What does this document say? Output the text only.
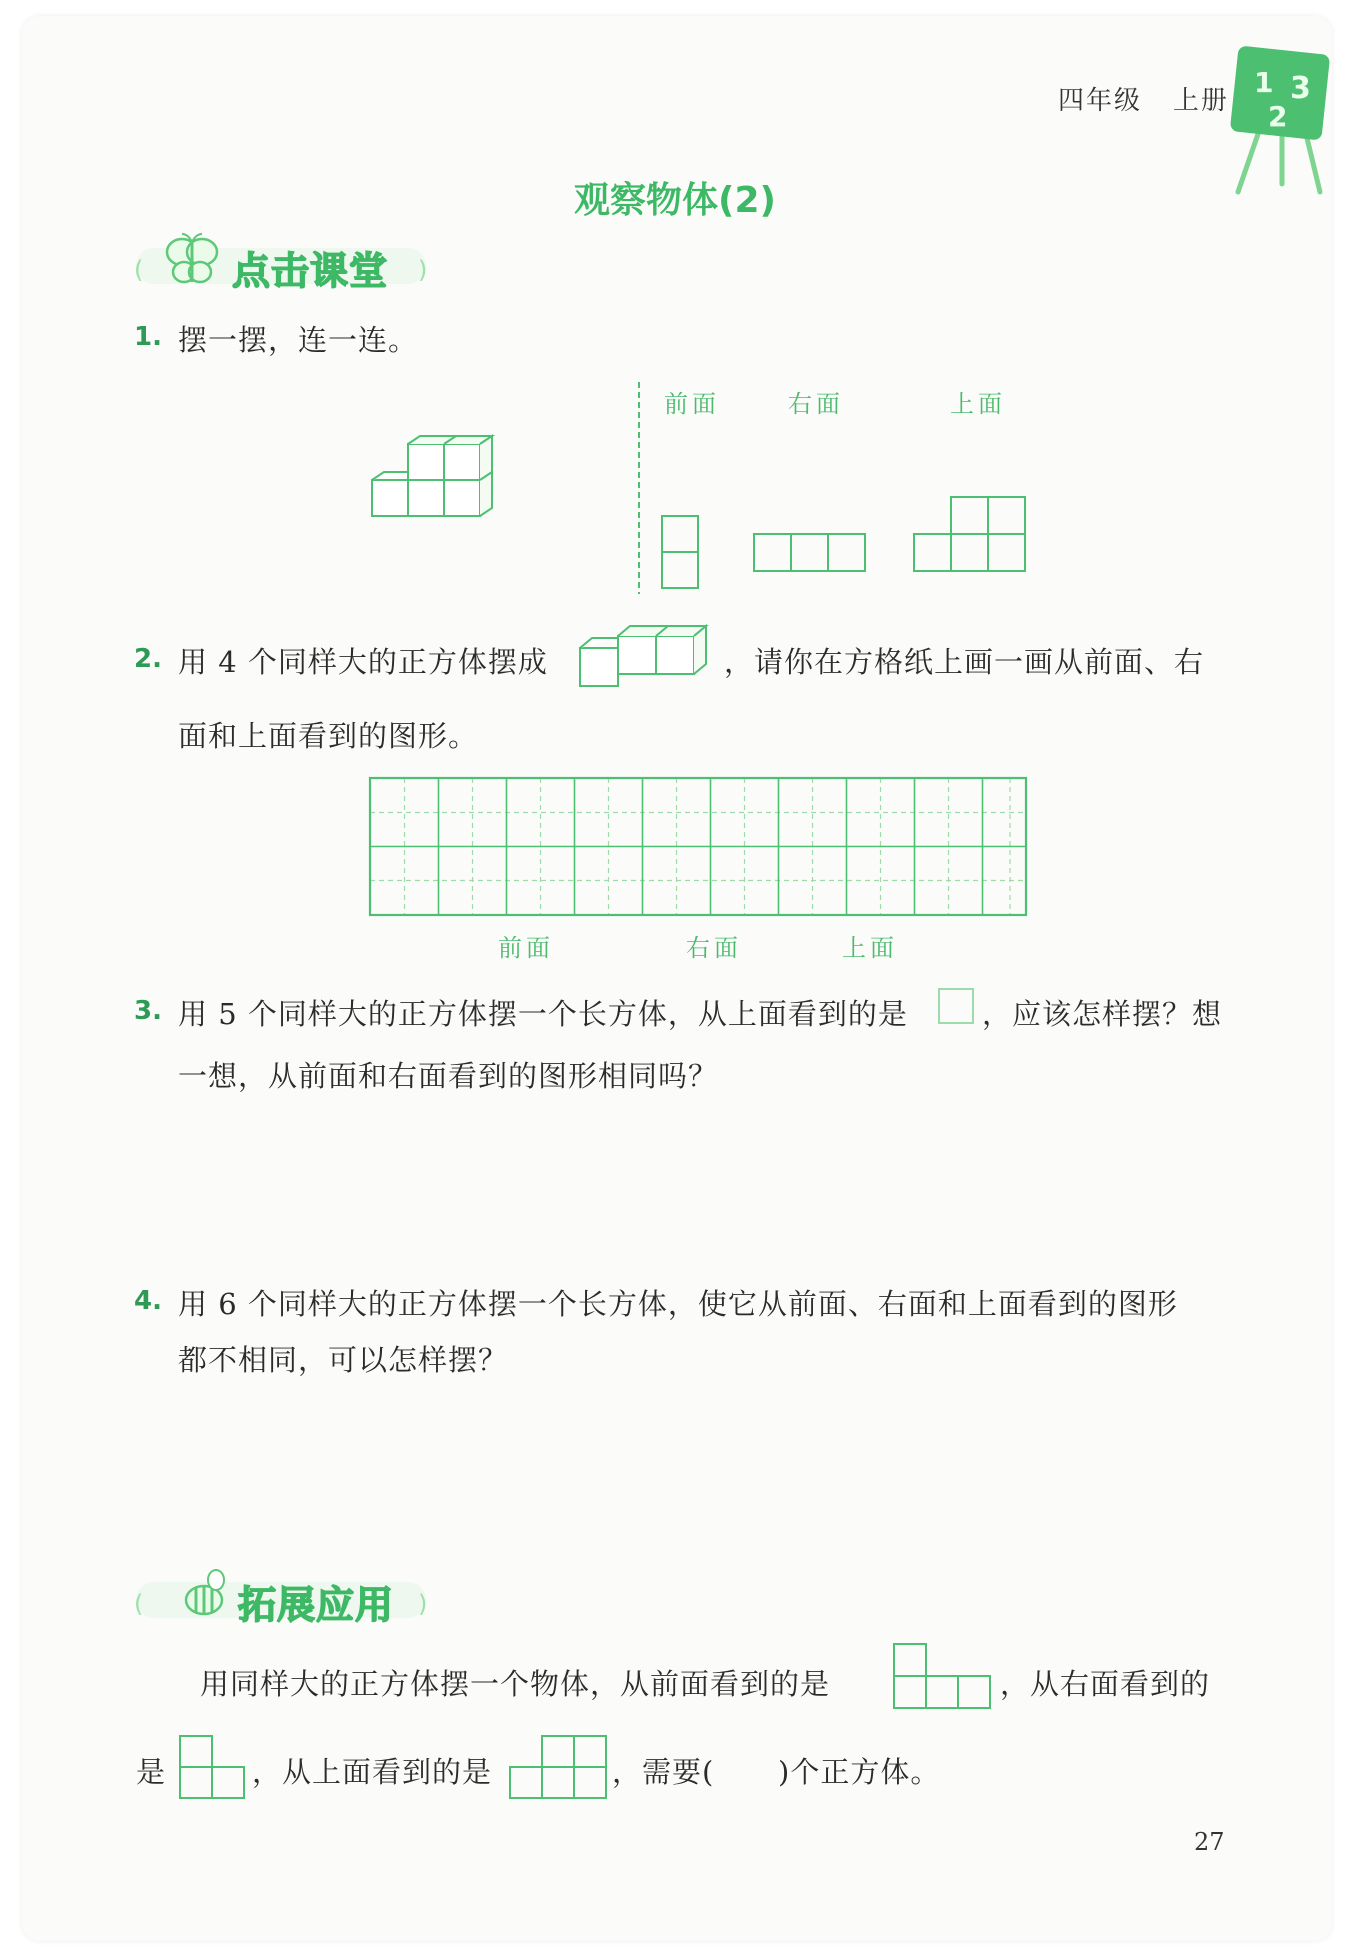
四年级 上册
1 3
2
观察物体(2)
(	)
点击课堂
1. 摆一摆，连一连。
前面	右面	上面
2. 用 4 个同样大的正方体摆成	，请你在方格纸上画一画从前面、右
面和上面看到的图形。
前面	右面	上面
3. 用 5 个同样大的正方体摆一个长方体，从上面看到的是	，应该怎样摆？想
一想，从前面和右面看到的图形相同吗？
4. 用 6 个同样大的正方体摆一个长方体，使它从前面、右面和上面看到的图形
都不相同，可以怎样摆？
(	)
拓展应用
用同样大的正方体摆一个物体，从前面看到的是	，从右面看到的
是	，从上面看到的是	，需要( )个正方体。
27
